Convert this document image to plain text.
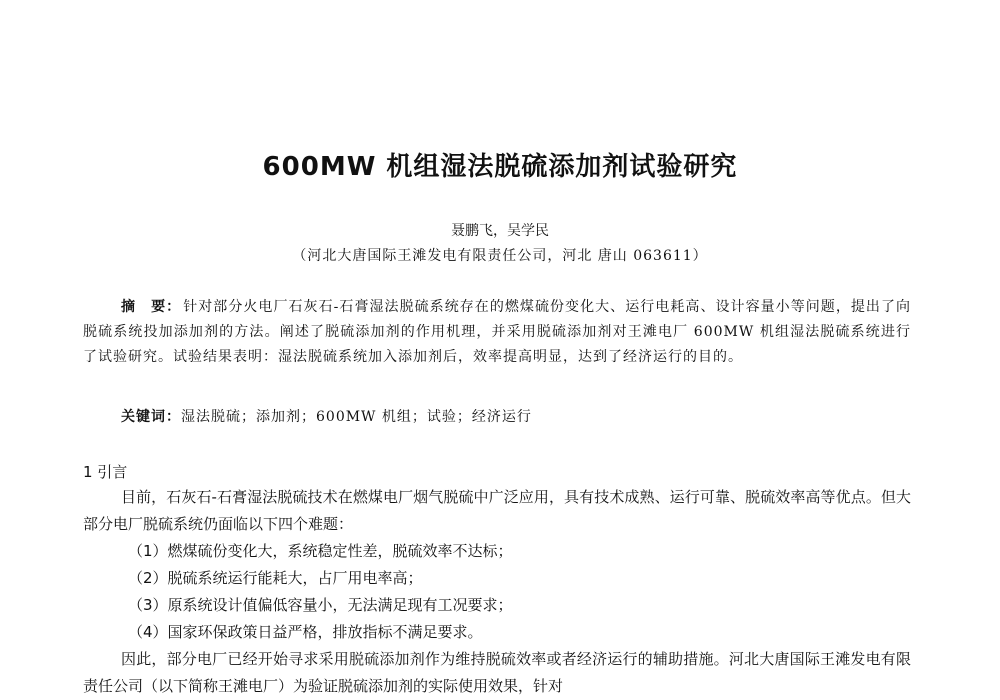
600MW 机组湿法脱硫添加剂试验研究
聂鹏飞，吴学民
（河北大唐国际王滩发电有限责任公司，河北 唐山 063611）
摘　要： 针对部分火电厂石灰石-石膏湿法脱硫系统存在的燃煤硫份变化大、运行电耗高、设计容量小等问题，提出了向脱硫系统投加添加剂的方法。阐述了脱硫添加剂的作用机理，并采用脱硫添加剂对王滩电厂 600MW 机组湿法脱硫系统进行了试验研究。试验结果表明：湿法脱硫系统加入添加剂后，效率提高明显，达到了经济运行的目的。
关键词：湿法脱硫；添加剂；600MW 机组；试验；经济运行
1 引言
目前，石灰石-石膏湿法脱硫技术在燃煤电厂烟气脱硫中广泛应用，具有技术成熟、运行可靠、脱硫效率高等优点。但大部分电厂脱硫系统仍面临以下四个难题：
（1）燃煤硫份变化大，系统稳定性差，脱硫效率不达标；
（2）脱硫系统运行能耗大，占厂用电率高；
（3）原系统设计值偏低容量小，无法满足现有工况要求；
（4）国家环保政策日益严格，排放指标不满足要求。
因此，部分电厂已经开始寻求采用脱硫添加剂作为维持脱硫效率或者经济运行的辅助措施。河北大唐国际王滩发电有限责任公司（以下简称王滩电厂）为验证脱硫添加剂的实际使用效果，针对
